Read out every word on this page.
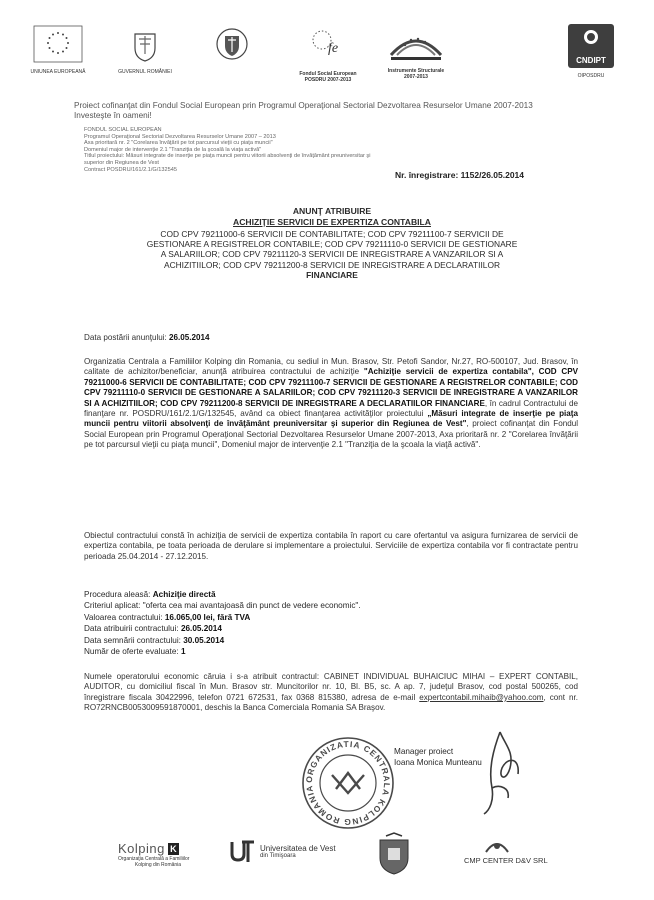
UNIUNEA EUROPEANĂ	GUVERNUL ROMÂNIEI
fe
Fondul Social European
POSDRU 2007-2013
Instrumente Structurale
2007-2013
CNDIPT
OIPOSDRU
Proiect cofinanţat din Fondul Social European prin Programul Operaţional Sectorial Dezvoltarea Resurselor Umane 2007-2013
Investeşte în oameni!
FONDUL SOCIAL EUROPEAN
Programul Operaţional Sectorial Dezvoltarea Resurselor Umane 2007 – 2013
Axa prioritară nr. 2 "Corelarea învăţării pe tot parcursul vieţii cu piaţa muncii"
Domeniul major de intervenţie 2.1 "Tranziţia de la şcoală la viaţa activă"
Titlul proiectului: Măsuri integrate de inserţie pe piaţa muncii pentru viitorii absolvenţi de învăţământ preuniversitar şi
superior din Regiunea de Vest
Contract POSDRU/161/2.1/G/132545
Nr. înregistrare: 1152/26.05.2014
ANUNŢ ATRIBUIRE
ACHIZIŢIE SERVICII DE EXPERTIZA CONTABILA
COD CPV 79211000-6 SERVICII DE CONTABILITATE; COD CPV 79211100-7 SERVICII DE
GESTIONARE A REGISTRELOR CONTABILE; COD CPV 79211110-0 SERVICII DE GESTIONARE
A SALARIILOR; COD CPV 79211120-3 SERVICII DE INREGISTRARE A VANZARILOR SI A
ACHIZITIILOR; COD CPV 79211200-8 SERVICII DE INREGISTRARE A DECLARATIILOR
FINANCIARE
Data postării anunţului: 26.05.2014
Organizatia Centrala a Familiilor Kolping din Romania, cu sediul in Mun. Brasov, Str. Petofi Sandor, Nr.27, RO-500107, Jud. Brasov, în calitate de achizitor/beneficiar, anunţă atribuirea contractului de achiziţie "Achiziţie servicii de expertiza contabila", COD CPV 79211000-6 SERVICII DE CONTABILITATE; COD CPV 79211100-7 SERVICII DE GESTIONARE A REGISTRELOR CONTABILE; COD CPV 79211110-0 SERVICII DE GESTIONARE A SALARIILOR; COD CPV 79211120-3 SERVICII DE INREGISTRARE A VANZARILOR SI A ACHIZITIILOR; COD CPV 79211200-8 SERVICII DE INREGISTRARE A DECLARATIILOR FINANCIARE, în cadrul Contractului de finanţare nr. POSDRU/161/2.1/G/132545, având ca obiect finanţarea activităţilor proiectului „Măsuri integrate de inserţie pe piaţa muncii pentru viitorii absolvenţi de învăţământ preuniversitar şi superior din Regiunea de Vest", proiect cofinanţat din Fondul Social European prin Programul Operaţional Sectorial Dezvoltarea Resurselor Umane 2007-2013, Axa prioritară nr. 2 "Corelarea învăţării pe tot parcursul vieţii cu piaţa muncii", Domeniul major de intervenţie 2.1 "Tranziţia de la şcoala la viaţă activă".
Obiectul contractului constă în achiziţia de servicii de expertiza contabila în raport cu care ofertantul va asigura furnizarea de servicii de expertiza contabila, pe toata perioada de derulare si implementare a proiectului. Serviciile de expertiza contabila vor fi contractate pentru perioada 25.04.2014 - 27.12.2015.
Procedura aleasă: Achiziţie directă
Criteriul aplicat: "oferta cea mai avantajoasă din punct de vedere economic".
Valoarea contractului: 16.065,00 lei, fără TVA
Data atribuirii contractului: 26.05.2014
Data semnării contractului: 30.05.2014
Număr de oferte evaluate: 1
Numele operatorului economic căruia i s-a atribuit contractul: CABINET INDIVIDUAL BUHAICIUC MIHAI – EXPERT CONTABIL, AUDITOR, cu domiciliul fiscal în Mun. Brasov str. Muncitorilor nr. 10, Bl. B5, sc. A ap. 7, judeţul Brasov, cod postal 500265, cod înregistrare fiscala 30422996, telefon 0721 672531, fax 0368 815380, adresa de e-mail expertcontabil.mihaib@yahoo.com, cont nr. RO72RNCB0053009591870001, deschis la Banca Comerciala Romania SA Braşov.
ORGANIZATIA CENTRALA KOLPING ROMANIA
Manager proiect
Ioana Monica Munteanu
Kolping K
Organizaţia Centrală a Familiilor
Kolping din România
Universitatea de Vest
din Timişoara
CMP CENTER D&V SRL
